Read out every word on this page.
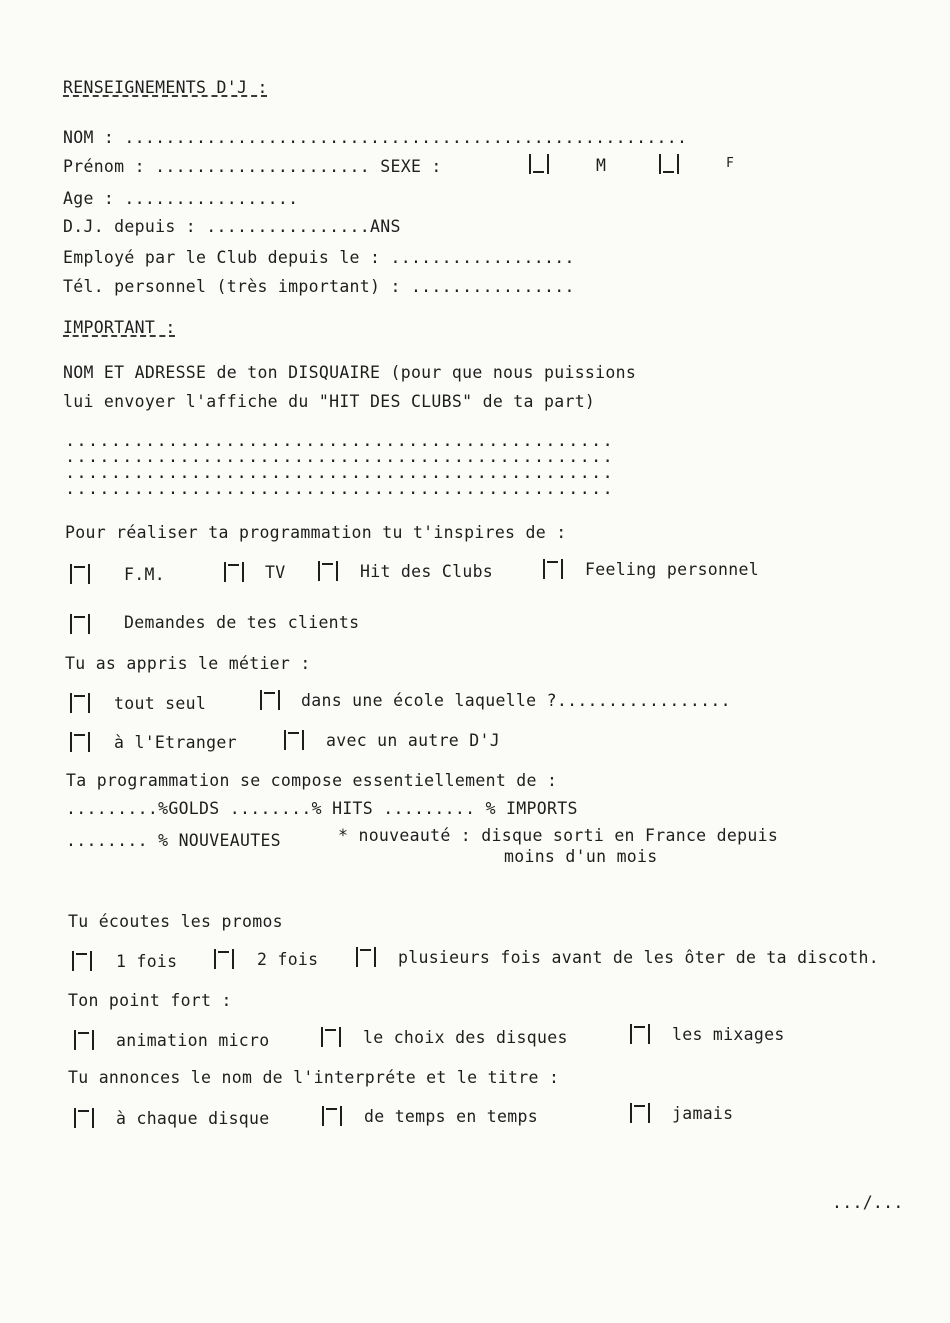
RENSEIGNEMENTS D'J :
NOM : .......................................................
Prénom : ..................... SEXE :	M	F
Age : .................
D.J. depuis : ................ANS
Employé par le Club depuis le : ..................
Tél. personnel (très important) : ................
IMPORTANT :
NOM ET ADRESSE de ton DISQUAIRE (pour que nous puissions
lui envoyer l'affiche du "HIT DES CLUBS" de ta part)
................................................
................................................
................................................
................................................
Pour réaliser ta programmation tu t'inspires de :
F.M.	TV	Hit des Clubs	Feeling personnel
Demandes de tes clients
Tu as appris le métier :
tout seul	dans une école laquelle ?.................
à l'Etranger	avec un autre D'J
Ta programmation se compose essentiellement de :
.........%GOLDS ........% HITS ......... % IMPORTS
........ % NOUVEAUTES	* nouveauté : disque sorti en France depuis
moins d'un mois
Tu écoutes les promos
1 fois	2 fois	plusieurs fois avant de les ôter de ta discoth.
Ton point fort :
animation micro	le choix des disques	les mixages
Tu annonces le nom de l'interpréte et le titre :
à chaque disque	de temps en temps	jamais
.../...
